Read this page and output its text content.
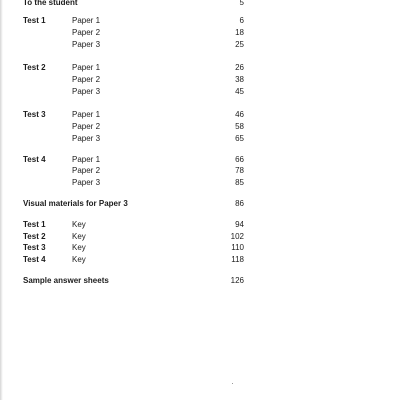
To the student	5
Test 1	Paper 1	6
Paper 2	18
Paper 3	25
Test 2	Paper 1	26
Paper 2	38
Paper 3	45
Test 3	Paper 1	46
Paper 2	58
Paper 3	65
Test 4	Paper 1	66
Paper 2	78
Paper 3	85
Visual materials for Paper 3	86
Test 1	Key	94
Test 2	Key	102
Test 3	Key	110
Test 4	Key	118
Sample answer sheets	126
